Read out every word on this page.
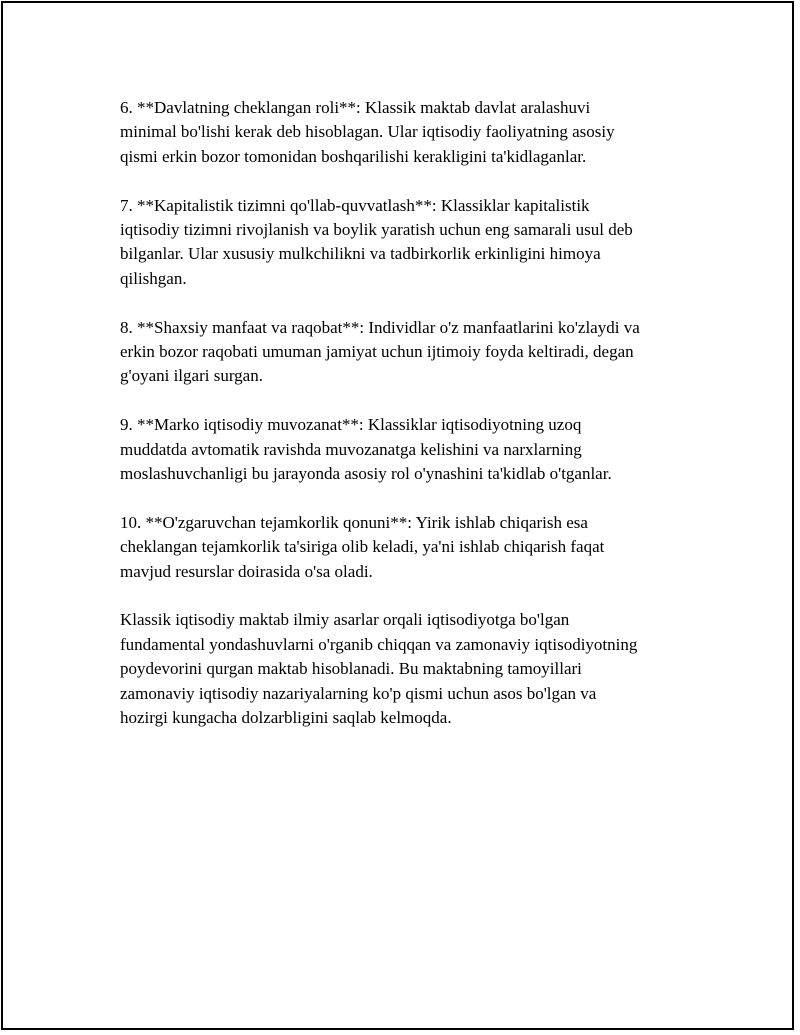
6. **Davlatning cheklangan roli**: Klassik maktab davlat aralashuvi
minimal bo'lishi kerak deb hisoblagan. Ular iqtisodiy faoliyatning asosiy
qismi erkin bozor tomonidan boshqarilishi kerakligini ta'kidlaganlar.

7. **Kapitalistik tizimni qo'llab-quvvatlash**: Klassiklar kapitalistik
iqtisodiy tizimni rivojlanish va boylik yaratish uchun eng samarali usul deb
bilganlar. Ular xususiy mulkchilikni va tadbirkorlik erkinligini himoya
qilishgan.

8. **Shaxsiy manfaat va raqobat**: Individlar o'z manfaatlarini ko'zlaydi va
erkin bozor raqobati umuman jamiyat uchun ijtimoiy foyda keltiradi, degan
g'oyani ilgari surgan.

9. **Marko iqtisodiy muvozanat**: Klassiklar iqtisodiyotning uzoq
muddatda avtomatik ravishda muvozanatga kelishini va narxlarning
moslashuvchanligi bu jarayonda asosiy rol o'ynashini ta'kidlab o'tganlar.

10. **O'zgaruvchan tejamkorlik qonuni**: Yirik ishlab chiqarish esa
cheklangan tejamkorlik ta'siriga olib keladi, ya'ni ishlab chiqarish faqat
mavjud resurslar doirasida o'sa oladi.

Klassik iqtisodiy maktab ilmiy asarlar orqali iqtisodiyotga bo'lgan
fundamental yondashuvlarni o'rganib chiqqan va zamonaviy iqtisodiyotning
poydevorini qurgan maktab hisoblanadi. Bu maktabning tamoyillari
zamonaviy iqtisodiy nazariyalarning ko'p qismi uchun asos bo'lgan va
hozirgi kungacha dolzarbligini saqlab kelmoqda.
